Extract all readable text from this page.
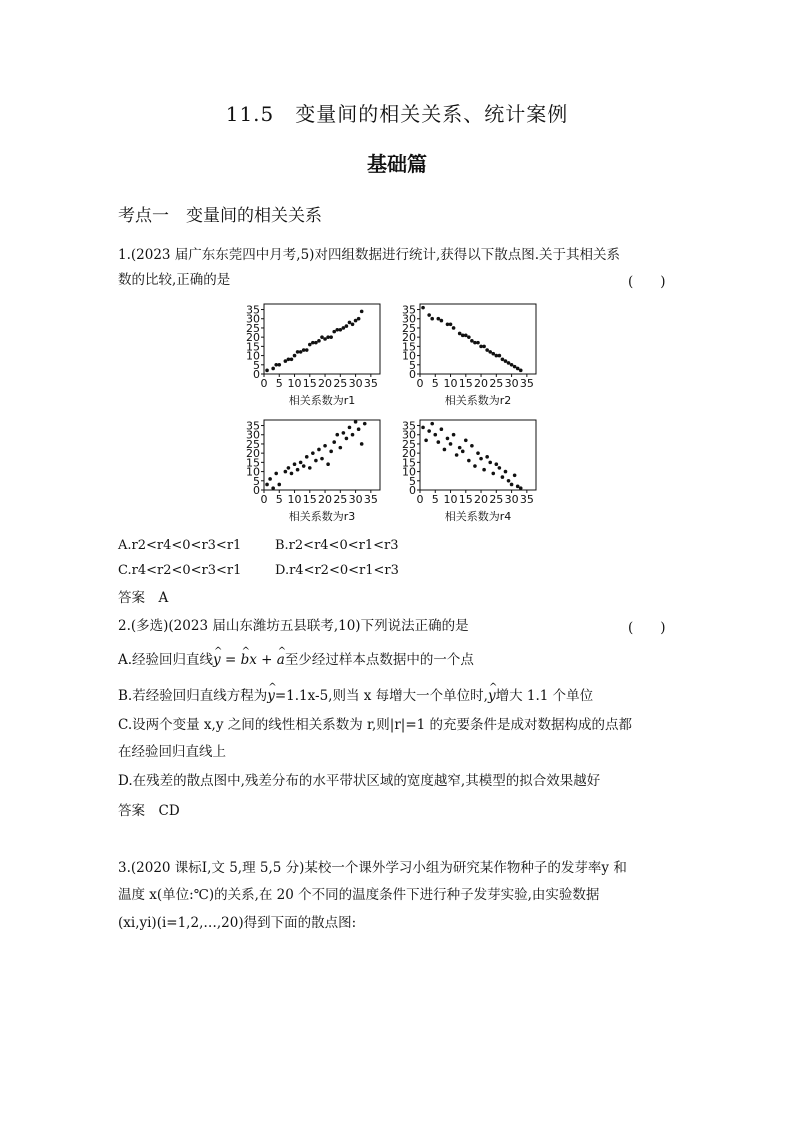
11.5　变量间的相关关系、统计案例
基础篇
考点一　变量间的相关关系
1.(2023 届广东东莞四中月考,5)对四组数据进行统计,获得以下散点图.关于其相关系
数的比较,正确的是	(　　)
0
5
10
15
20
25
30
35
0 5 10 15 20 25 30 35
相关系数为r1
0
5
10
15
20
25
30
35
0 5 10 15 20 25 30 35
相关系数为r2
0
5
10
15
20
25
30
35
0 5 10 15 20 25 30 35
相关系数为r3
0
5
10
15
20
25
30
35
0 5 10 15 20 25 30 35
相关系数为r4
A.r2<r4<0<r3<r1	B.r2<r4<0<r1<r3
C.r4<r2<0<r3<r1	D.r4<r2<0<r1<r3
答案　A
2.(多选)(2023 届山东潍坊五县联考,10)下列说法正确的是	(　　)
A.经验回归直线^ y = ^ bx + ^ a至少经过样本点数据中的一个点
B.若经验回归直线方程为^ y=1.1x-5,则当 x 每增大一个单位时,^ y增大 1.1 个单位
C.设两个变量 x,y 之间的线性相关系数为 r,则|r|=1 的充要条件是成对数据构成的点都
在经验回归直线上
D.在残差的散点图中,残差分布的水平带状区域的宽度越窄,其模型的拟合效果越好
答案　CD
3.(2020 课标Ⅰ,文 5,理 5,5 分)某校一个课外学习小组为研究某作物种子的发芽率y 和
温度 x(单位:℃)的关系,在 20 个不同的温度条件下进行种子发芽实验,由实验数据
(xi,yi)(i=1,2,…,20)得到下面的散点图:
